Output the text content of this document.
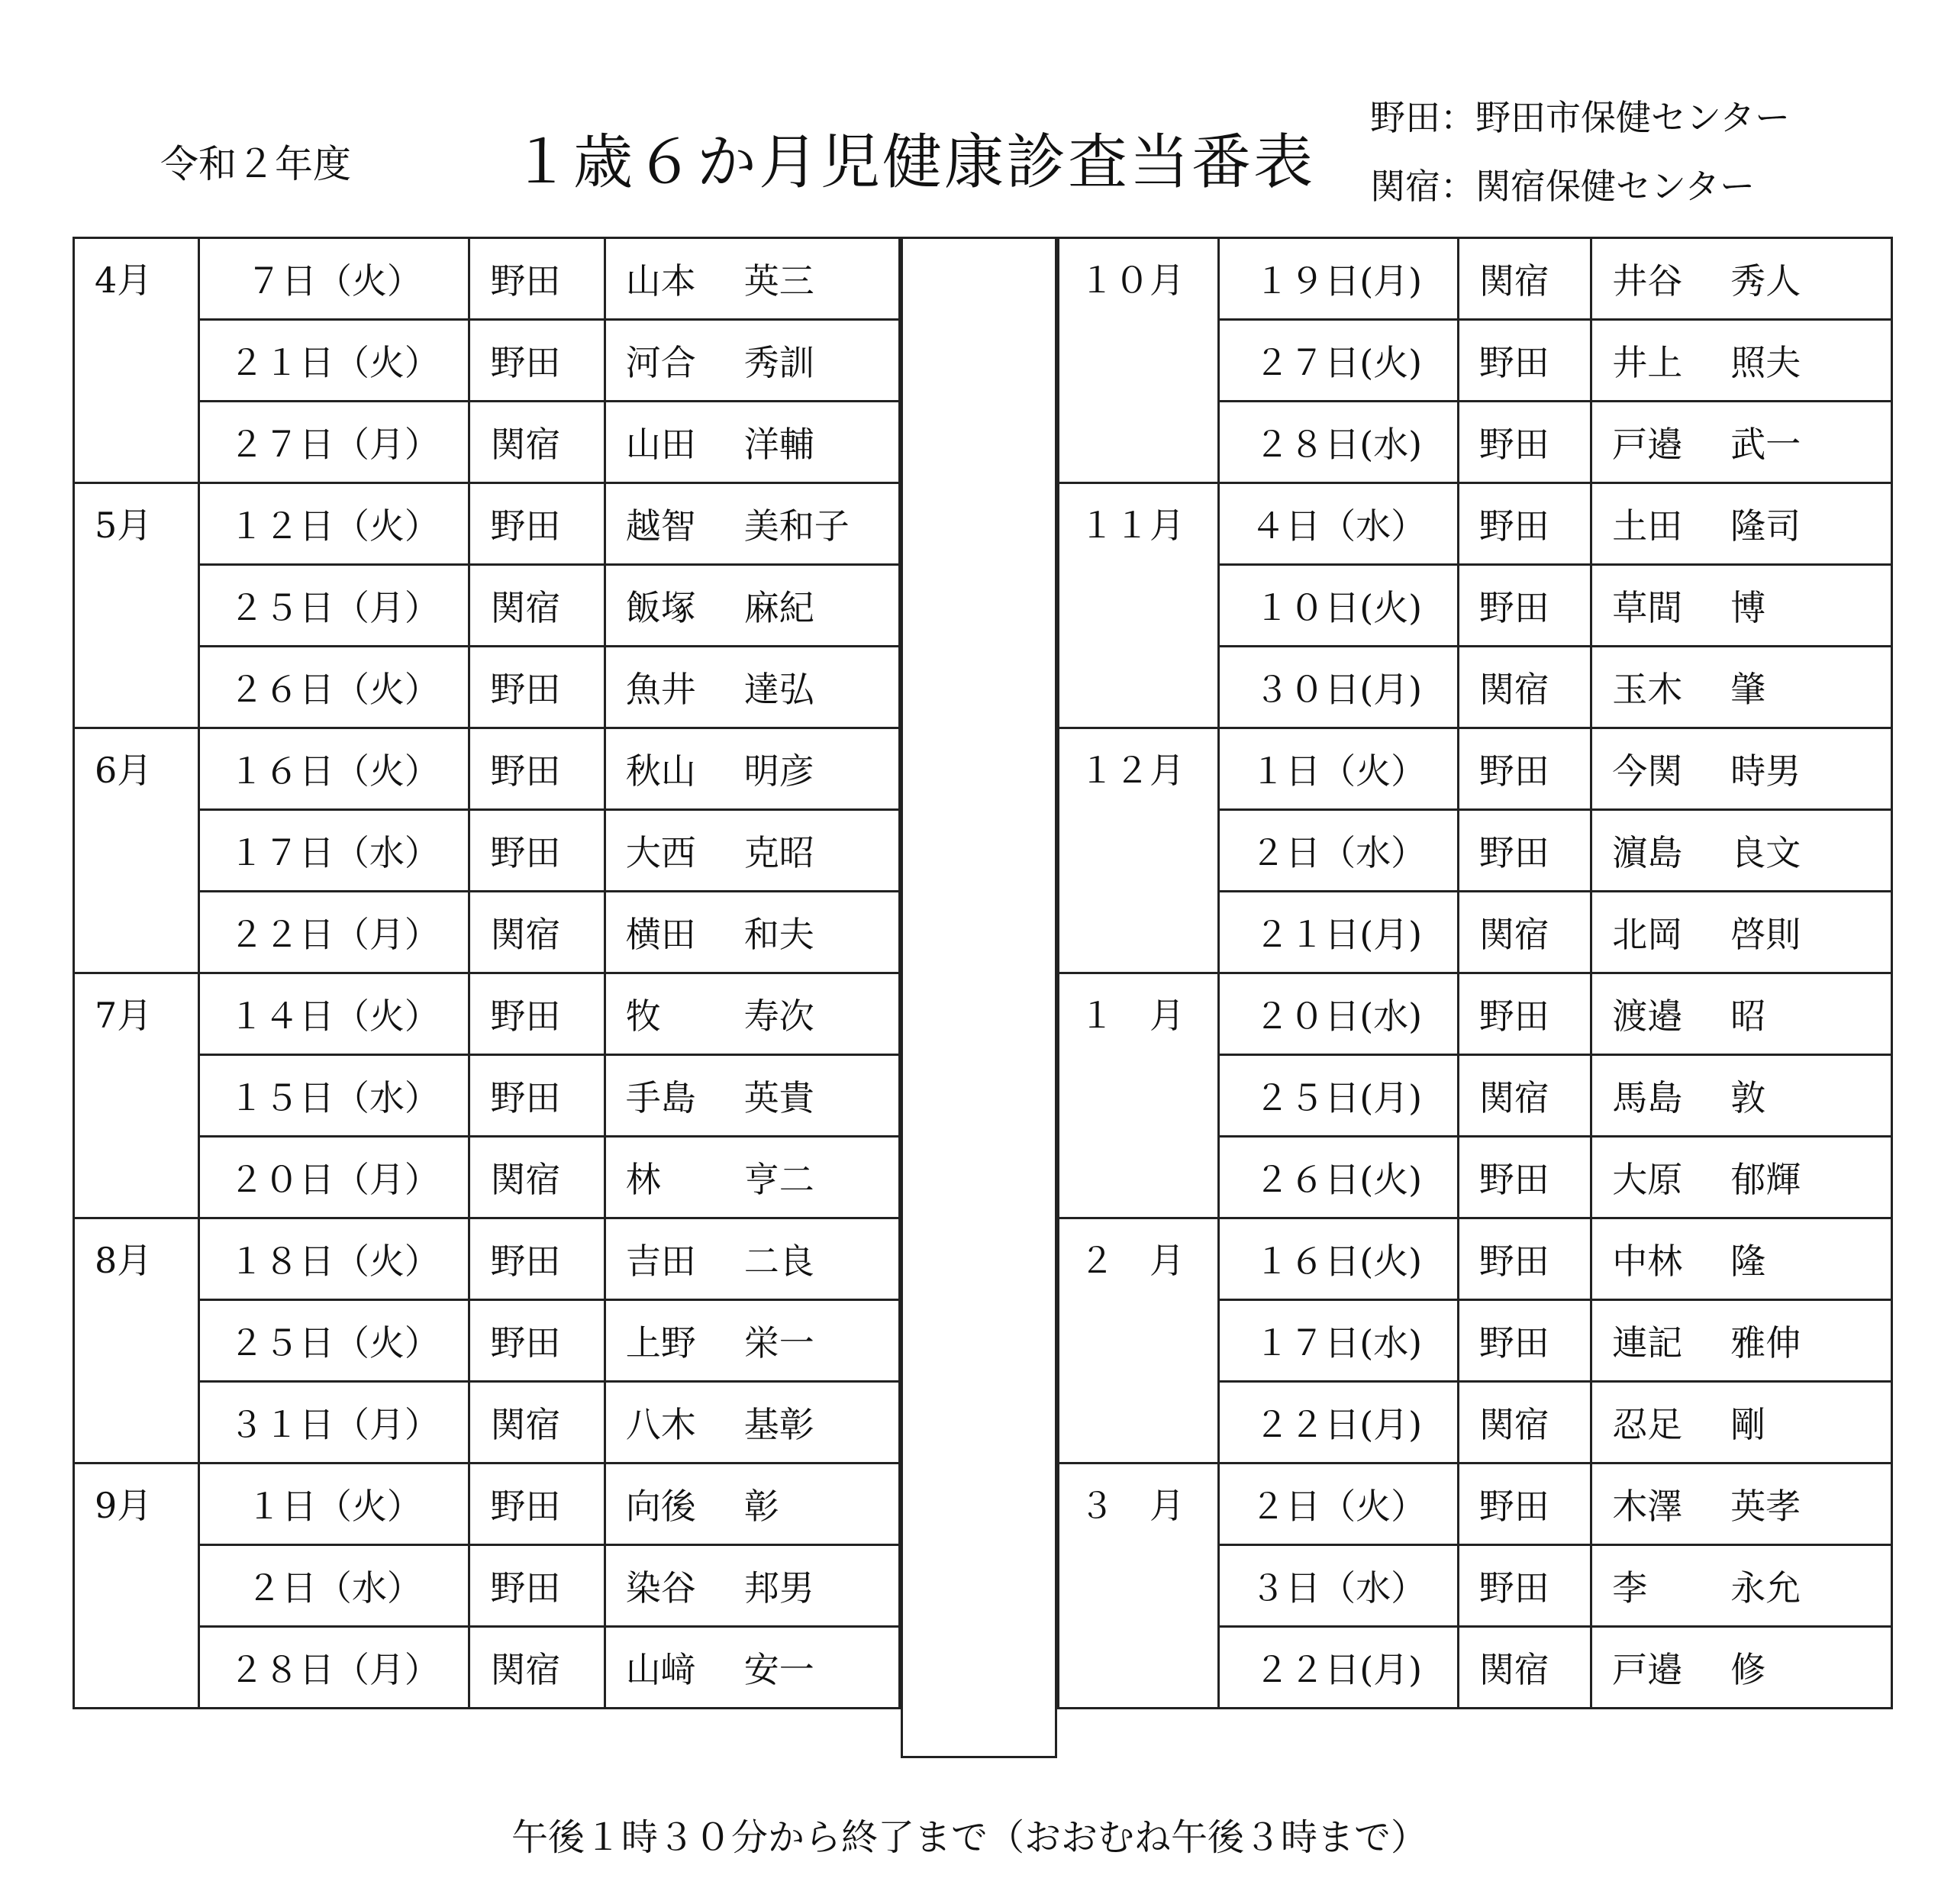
令和２年度	１歳６か月児健康診査当番表
野田：野田市保健センター
関宿：関宿保健センター
4月	７日（火）	野田	山本 英三
	２１日（火）	野田	河合 秀訓
	２７日（月）	関宿	山田 洋輔
5月	１２日（火）	野田	越智 美和子
	２５日（月）	関宿	飯塚 麻紀
	２６日（火）	野田	魚井 達弘
6月	１６日（火）	野田	秋山 明彦
	１７日（水）	野田	大西 克昭
	２２日（月）	関宿	横田 和夫
7月	１４日（火）	野田	牧 寿次
	１５日（水）	野田	手島 英貴
	２０日（月）	関宿	林 亨二
8月	１８日（火）	野田	吉田 二良
	２５日（火）	野田	上野 栄一
	３１日（月）	関宿	八木 基彰
9月	１日（火）	野田	向後 彰
	２日（水）	野田	染谷 邦男
	２８日（月）	関宿	山﨑 安一
１０月	１９日(月)	関宿	井谷 秀人
	２７日(火)	野田	井上 照夫
	２８日(水)	野田	戸邉 武一
１１月	４日（水）	野田	土田 隆司
	１０日(火)	野田	草間 博
	３０日(月)	関宿	玉木 肇
１２月	１日（火）	野田	今関 時男
	２日（水）	野田	濵島 良文
	２１日(月)	関宿	北岡 啓則
１　月	２０日(水)	野田	渡邉 昭
	２５日(月)	関宿	馬島 敦
	２６日(火)	野田	大原 郁輝
２　月	１６日(火)	野田	中林 隆
	１７日(水)	野田	連記 雅伸
	２２日(月)	関宿	忍足 剛
３　月	２日（火）	野田	木澤 英孝
	３日（水）	野田	李 永允
	２２日(月)	関宿	戸邉 修
午後１時３０分から終了まで（おおむね午後３時まで）
